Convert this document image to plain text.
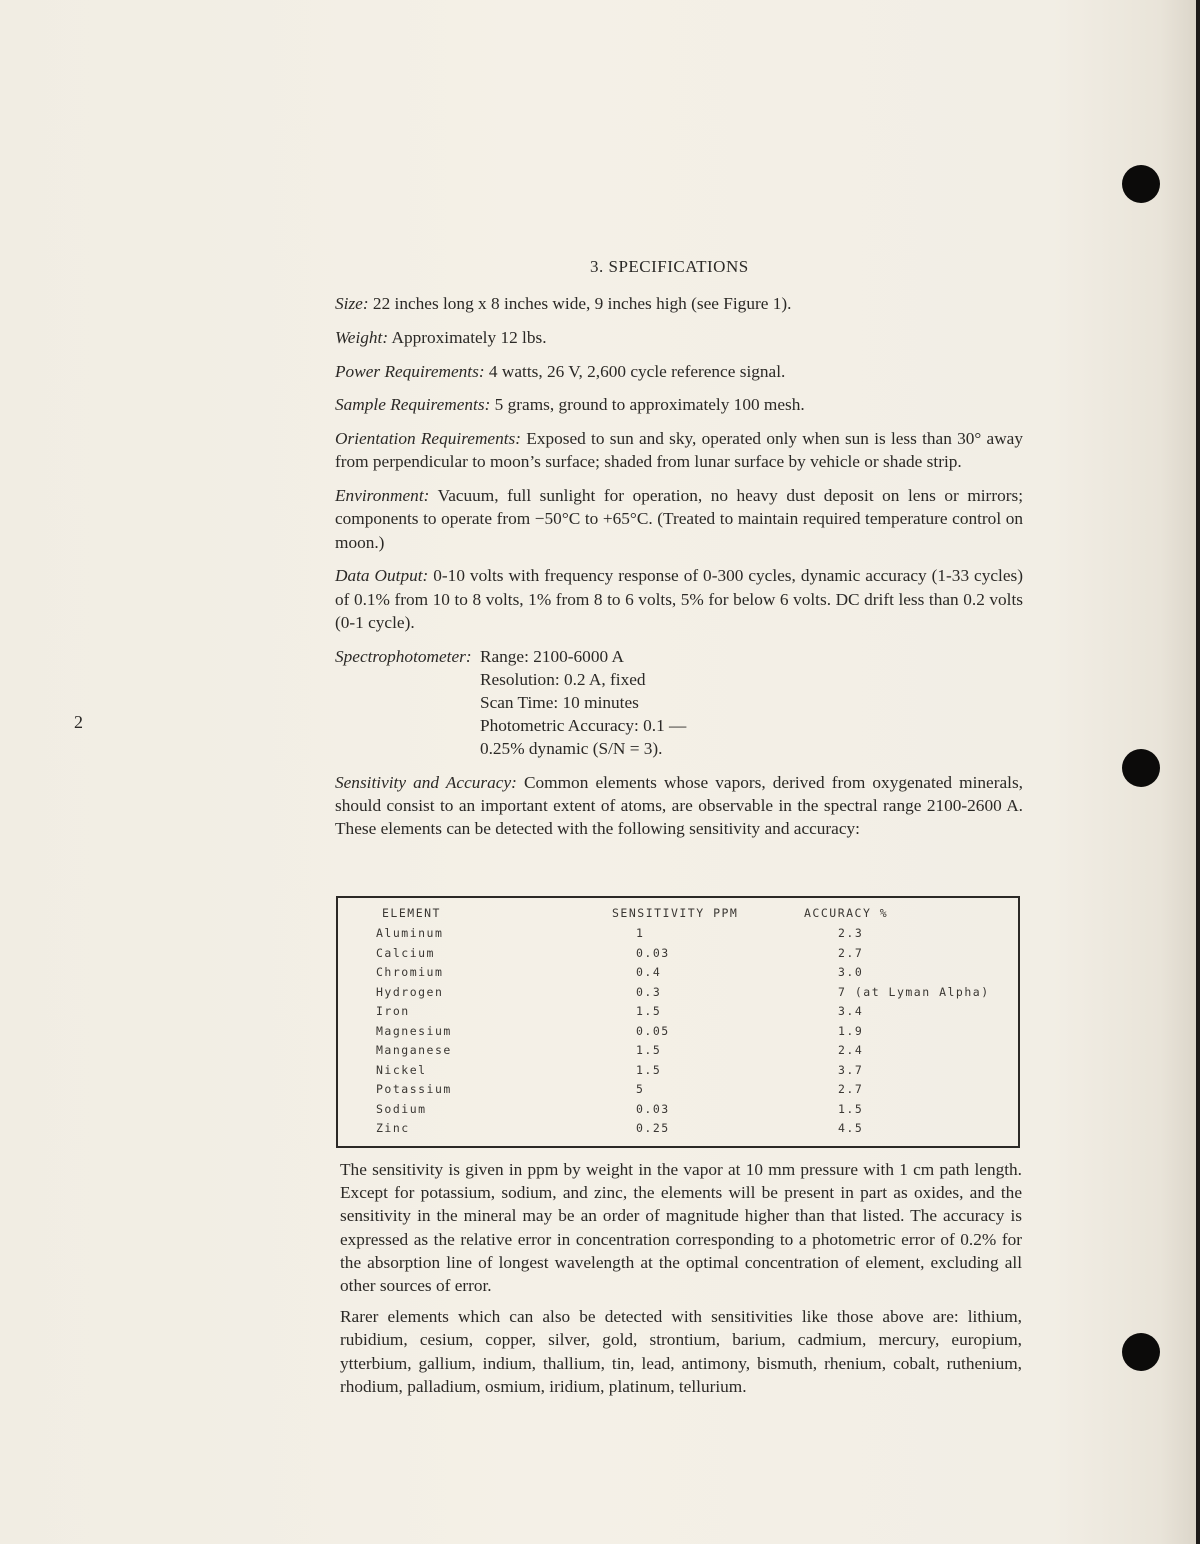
2
3. SPECIFICATIONS

Size: 22 inches long x 8 inches wide, 9 inches high (see Figure 1).

Weight: Approximately 12 lbs.

Power Requirements: 4 watts, 26 V, 2,600 cycle reference signal.

Sample Requirements: 5 grams, ground to approximately 100 mesh.

Orientation Requirements: Exposed to sun and sky, operated only when sun is less than 30° away from perpendicular to moon’s surface; shaded from lunar surface by vehicle or shade strip.

Environment: Vacuum, full sunlight for operation, no heavy dust deposit on lens or mirrors; components to operate from −50°C to +65°C. (Treated to maintain required temperature control on moon.)

Data Output: 0-10 volts with frequency response of 0-300 cycles, dynamic accuracy (1-33 cycles) of 0.1% from 10 to 8 volts, 1% from 8 to 6 volts, 5% for below 6 volts. DC drift less than 0.2 volts (0-1 cycle).

Spectrophotometer: Range: 2100-6000 A
Resolution: 0.2 A, fixed
Scan Time: 10 minutes
Photometric Accuracy: 0.1 —
0.25% dynamic (S/N = 3).

Sensitivity and Accuracy: Common elements whose vapors, derived from oxygenated minerals, should consist to an important extent of atoms, are observable in the spectral range 2100-2600 A. These elements can be detected with the following sensitivity and accuracy:

ELEMENT	SENSITIVITY PPM	ACCURACY %
Aluminum	1	2.3
Calcium	0.03	2.7
Chromium	0.4	3.0
Hydrogen	0.3	7 (at Lyman Alpha)
Iron	1.5	3.4
Magnesium	0.05	1.9
Manganese	1.5	2.4
Nickel	1.5	3.7
Potassium	5	2.7
Sodium	0.03	1.5
Zinc	0.25	4.5

The sensitivity is given in ppm by weight in the vapor at 10 mm pressure with 1 cm path length. Except for potassium, sodium, and zinc, the elements will be present in part as oxides, and the sensitivity in the mineral may be an order of magnitude higher than that listed. The accuracy is expressed as the relative error in concentration corresponding to a photometric error of 0.2% for the absorption line of longest wavelength at the optimal concentration of element, excluding all other sources of error.

Rarer elements which can also be detected with sensitivities like those above are: lithium, rubidium, cesium, copper, silver, gold, strontium, barium, cadmium, mercury, europium, ytterbium, gallium, indium, thallium, tin, lead, antimony, bismuth, rhenium, cobalt, ruthenium, rhodium, palladium, osmium, iridium, platinum, tellurium.
